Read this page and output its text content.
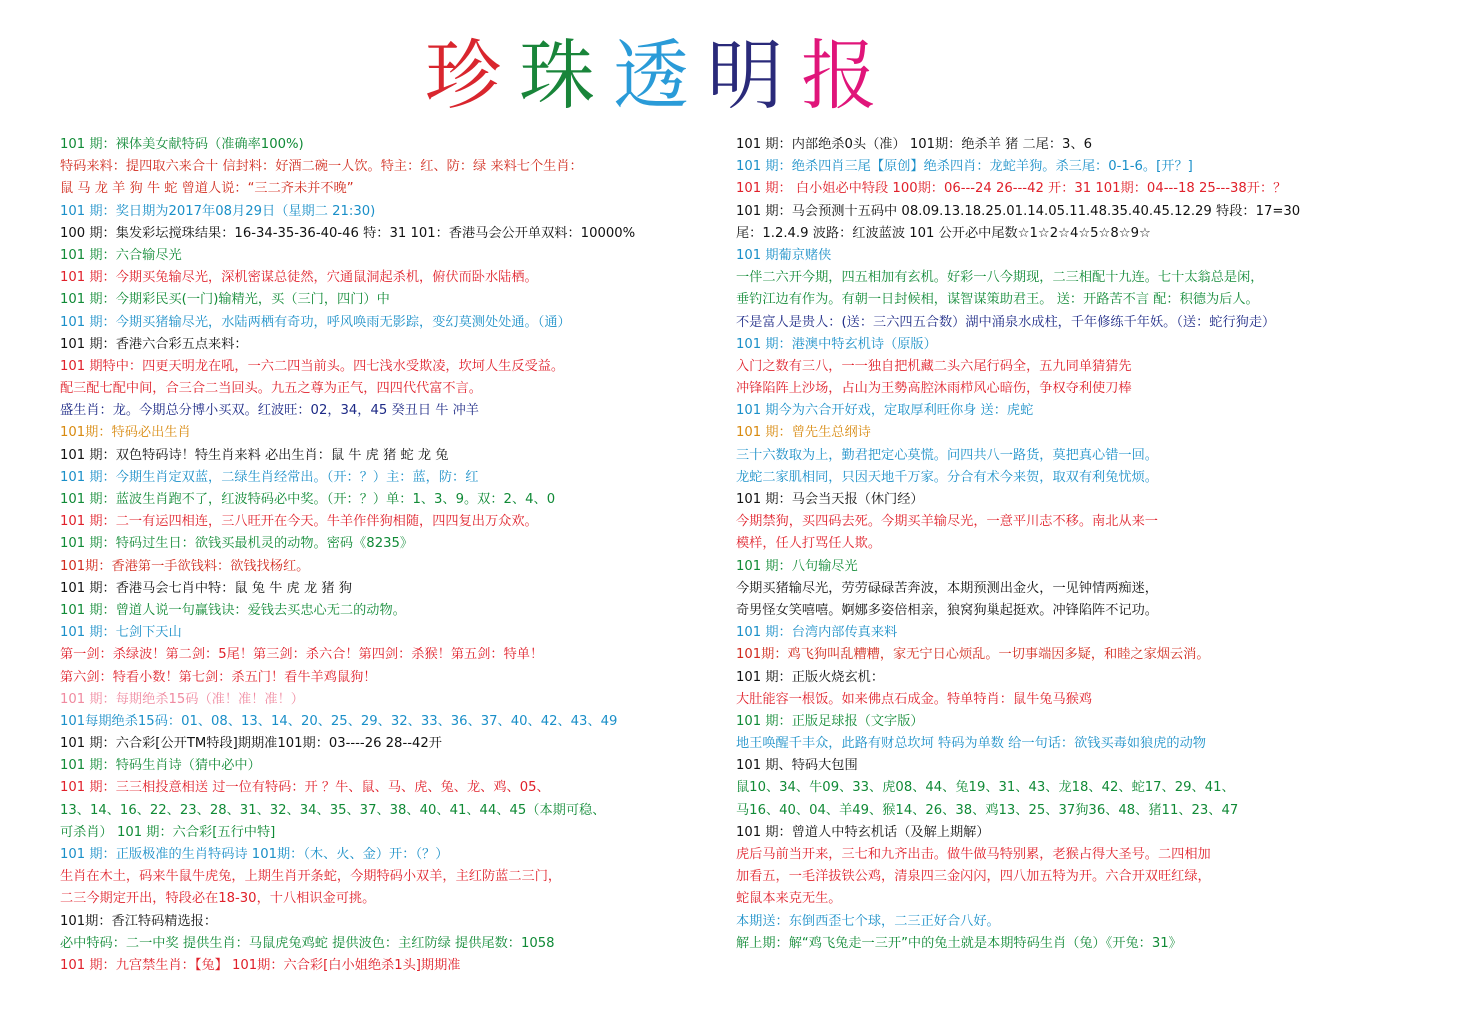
珍 珠 透 明 报
101 期：裸体美女献特码（准确率100%)
特码来料：提四取六来合十 信封料：好酒二碗一人饮。特主：红、防：绿 来料七个生肖：
鼠 马 龙 羊 狗 牛 蛇 曾道人说：“三二齐未并不晚”
101 期：奖日期为2017年08月29日（星期二 21:30)
100 期：集发彩坛搅珠结果：16-34-35-36-40-46 特：31 101：香港马会公开单双料：10000%
101 期：六合输尽光
101 期：今期买兔输尽光，深机密谋总徒然，穴通鼠洞起杀机，俯伏而卧水陆栖。
101 期：今期彩民买(一门)输精光，买（三门，四门）中
101 期：今期买猪输尽光，水陆两栖有奇功，呼风唤雨无影踪，变幻莫测处处通。（通）
101 期：香港六合彩五点来料：
101 期特中：四更天明龙在吼，一六二四当前头。四七浅水受欺凌，坎坷人生反受益。
配三配七配中间，合三合二当回头。九五之尊为正气，四四代代富不言。
盛生肖：龙。今期总分博小买双。红波旺：02，34，45 癸丑日 牛 冲羊
101期：特码必出生肖
101 期：双色特码诗！特生肖来料 必出生肖：鼠 牛 虎 猪 蛇 龙 兔
101 期：今期生肖定双蓝，二绿生肖经常出。（开：？）主：蓝，防：红
101 期：蓝波生肖跑不了，红波特码必中奖。（开：？）单：1、3、9。双：2、4、0
101 期：二一有运四相连，三八旺开在今天。牛羊作伴狗相随，四四复出万众欢。
101 期：特码过生日：欲钱买最机灵的动物。密码《8235》
101期：香港第一手欲钱料：欲钱找杨红。
101 期：香港马会七肖中特：鼠 兔 牛 虎 龙 猪 狗
101 期：曾道人说一句赢钱诀：爱钱去买忠心无二的动物。
101 期：七剑下天山
第一剑：杀绿波！第二剑：5尾！第三剑：杀六合！第四剑：杀猴！第五剑：特单！
第六剑：特看小数！第七剑：杀五门！看牛羊鸡鼠狗！
101 期：每期绝杀15码（准！准！准！）
101每期绝杀15码：01、08、13、14、20、25、29、32、33、36、37、40、42、43、49
101 期：六合彩[公开TM特段]期期准101期：03----26 28--42开
101 期：特码生肖诗（猜中必中）
101 期：三三相投意相送 过一位有特码：开 ？牛、鼠、马、虎、兔、龙、鸡、05、
13、14、16、22、23、28、31、32、34、35、37、38、40、41、44、45（本期可稳、
可杀肖） 101 期：六合彩[五行中特]
101 期：正版极准的生肖特码诗 101期：（木、火、金）开：（？）
生肖在木土，码来牛鼠牛虎兔，上期生肖开条蛇，今期特码小双羊，主红防蓝二三门，
二三今期定开出，特段必在18-30，十八相识金可挑。
101期：香江特码精选报：
必中特码：二一中奖 提供生肖：马鼠虎兔鸡蛇 提供波色：主红防绿 提供尾数：1058
101 期：九宫禁生肖：【兔】 101期：六合彩[白小姐绝杀1头]期期准
101 期：内部绝杀0头（准） 101期：绝杀羊 猪 二尾：3、6
101 期：绝杀四肖三尾【原创】绝杀四肖：龙蛇羊狗。杀三尾：0-1-6。[开？]
101 期： 白小姐必中特段 100期：06---24 26---42 开：31 101期：04---18 25---38开：？
101 期：马会预测十五码中 08.09.13.18.25.01.14.05.11.48.35.40.45.12.29 特段：17=30
尾：1.2.4.9 波路：红波蓝波 101 公开必中尾数☆1☆2☆4☆5☆8☆9☆
101 期葡京赌侠
一伴二六开今期，四五相加有玄机。好彩一八今期现，二三相配十九连。七十太翁总是闲，
垂钓江边有作为。有朝一日封候相，谋智谋策助君王。 送：开路苦不言 配：积德为后人。
不是富人是贵人：(送：三六四五合数）湖中涌泉水成柱，千年修练千年妖。（送：蛇行狗走）
101 期：港澳中特玄机诗（原版）
入门之数有三八，一一独自把机藏二头六尾行码全，五九同单猜猜先
冲锋陷阵上沙场，占山为王勢高腔沐雨栉风心暗伤，争权夺利使刀棒
101 期今为六合开好戏，定取厚利旺你身 送：虎蛇
101 期：曾先生总纲诗
三十六数取为上，勤君把定心莫慌。问四共八一路货，莫把真心错一回。
龙蛇二家肌相同，只因天地千万家。分合有术今来贺，取双有利兔忧烦。
101 期：马会当天报（休门经）
今期禁狗，买四码去死。今期买羊输尽光，一意平川志不移。南北从来一
模样，任人打骂任人欺。
101 期：八句输尽光
今期买猪输尽光，劳劳碌碌苦奔波，本期预测出金火，一见钟情两痴迷，
奇男怪女笑嘻嘻。婀娜多姿倍相亲，狼窝狗巢起挺欢。冲锋陷阵不记功。
101 期：台湾内部传真来料
101期：鸡飞狗叫乱糟糟，家无宁日心烦乱。一切事端因多疑，和睦之家烟云消。
101 期：正版火烧玄机：
大肚能容一根饭。如来佛点石成金。特单特肖：鼠牛兔马猴鸡
101 期：正版足球报（文字版）
地王唤醒千丰众，此路有财总坎坷 特码为单数 给一句话：欲钱买毒如狼虎的动物
101 期、特码大包围
鼠10、34、牛09、33、虎08、44、兔19、31、43、龙18、42、蛇17、29、41、
马16、40、04、羊49、猴14、26、38、鸡13、25、37狗36、48、猪11、23、47
101 期：曾道人中特玄机话（及解上期解）
虎后马前当开来，三七和九齐出击。做牛做马特别累，老猴占得大圣号。二四相加
加看五，一毛洋拔铁公鸡，清泉四三金闪闪，四八加五特为开。六合开双旺红绿，
蛇鼠本来克无生。
本期送：东倒西歪七个球，二三正好合八好。
解上期：解“鸡飞兔走一三开”中的兔土就是本期特码生肖（兔）《开兔：31》
